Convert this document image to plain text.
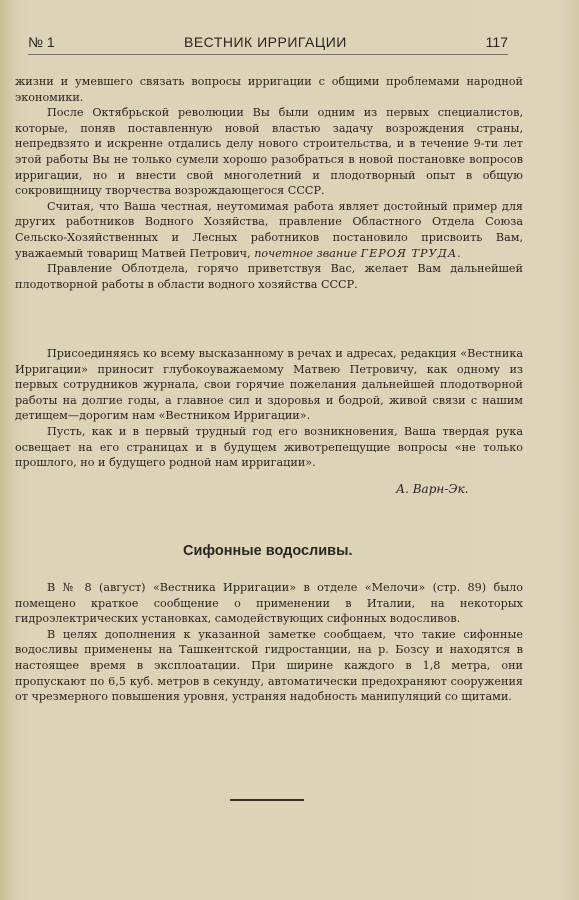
№ 1	ВЕСТНИК ИРРИГАЦИИ	117

жизни и умевшего связать вопросы ирригации с общими проблемами народной экономики.

После Октябрьской революции Вы были одним из первых специалистов, которые, поняв поставленную новой властью задачу возрождения страны, непредвзято и искренне отдались делу нового строительства, и в течение 9-ти лет этой работы Вы не только сумели хорошо разобраться в новой постановке вопросов ирригации, но и внести свой многолетний и плодотворный опыт в общую сокровищницу творчества возрождающегося СССР.

Считая, что Ваша честная, неутомимая работа являет достойный пример для других работников Водного Хозяйства, правление Областного Отдела Союза Сельско-Хозяйственных и Лесных работников постановило присвоить Вам, уважаемый товарищ Матвей Петрович, почетное звание ГЕРОЯ ТРУДА.

Правление Облотдела, горячо приветствуя Вас, желает Вам дальнейшей плодотворной работы в области водного хозяйства СССР.

Присоединяясь ко всему высказанному в речах и адресах, редакция «Вестника Ирригации» приносит глубокоуважаемому Матвею Петровичу, как одному из первых сотрудников журнала, свои горячие пожелания дальнейшей плодотворной работы на долгие годы, а главное сил и здоровья и бодрой, живой связи с нашим детищем—дорогим нам «Вестником Ирригации».

Пусть, как и в первый трудный год его возникновения, Ваша твердая рука освещает на его страницах и в будущем животрепещущие вопросы «не только прошлого, но и будущего родной нам ирригации».

А. Варн-Эк.
Сифонные водосливы.

В № 8 (август) «Вестника Ирригации» в отделе «Мелочи» (стр. 89) было помещено краткое сообщение о применении в Италии, на некоторых гидроэлектрических установках, самодействующих сифонных водосливов.

В целях дополнения к указанной заметке сообщаем, что такие сифонные водосливы применены на Ташкентской гидростанции, на р. Бозсу и находятся в настоящее время в эксплоатации. При ширине каждого в 1,8 метра, они пропускают по 6,5 куб. метров в секунду, автоматически предохраняют сооружения от чрезмерного повышения уровня, устраняя надобность манипуляций со щитами.
